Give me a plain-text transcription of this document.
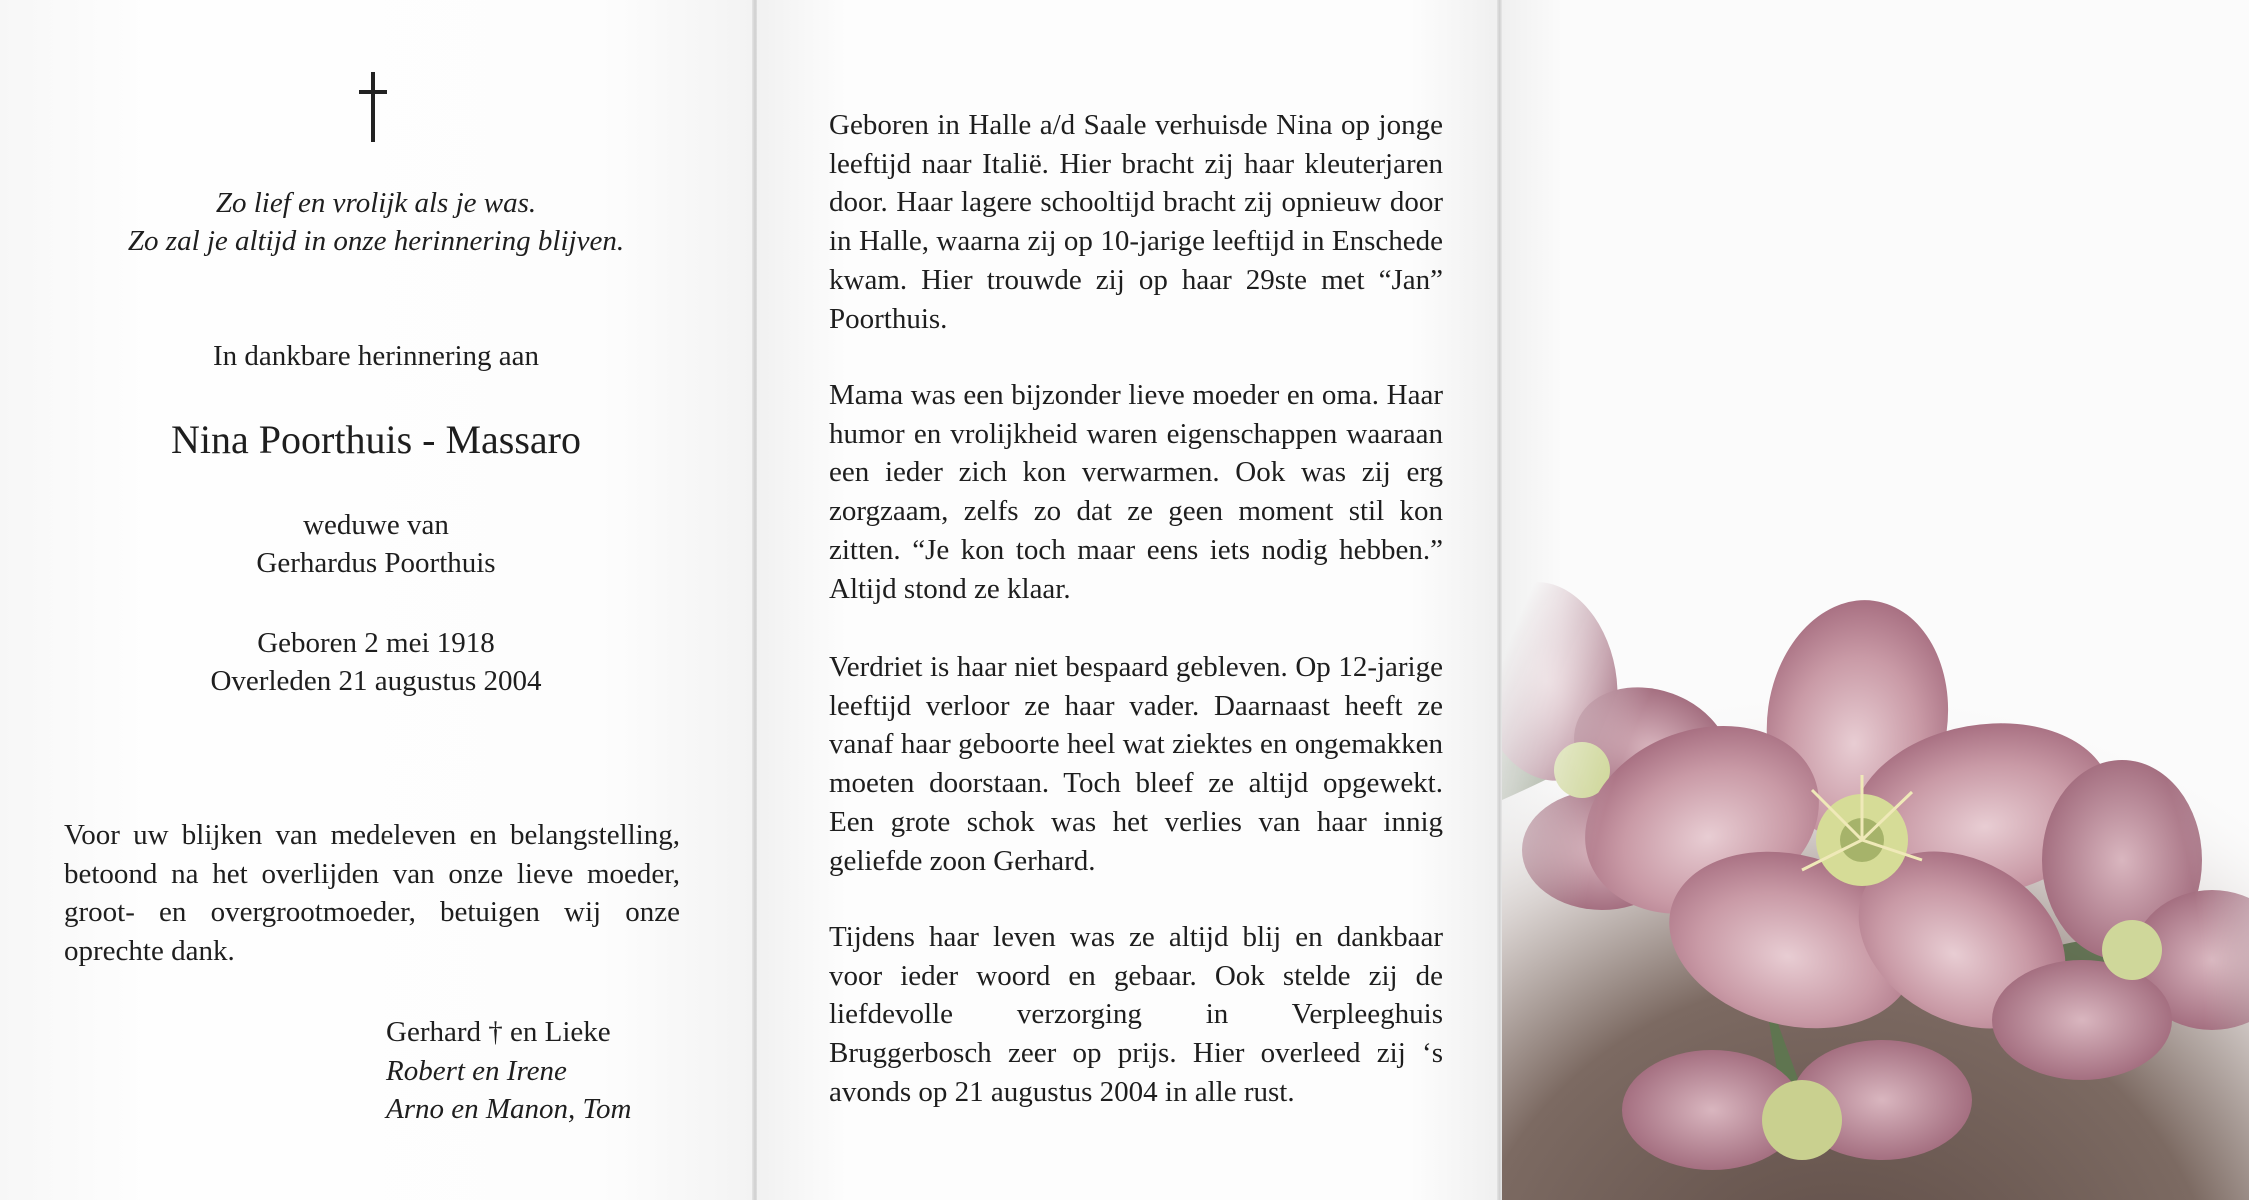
Zo lief en vrolijk als je was.
Zo zal je altijd in onze herinnering blijven.
In dankbare herinnering aan
Nina Poorthuis - Massaro
weduwe van
Gerhardus Poorthuis
Geboren 2 mei 1918
Overleden 21 augustus 2004
Voor uw blijken van medeleven en belangstelling, betoond na het overlijden van onze lieve moeder, groot- en overgrootmoeder, betuigen wij onze oprechte dank.
Gerhard † en Lieke
Robert en Irene
Arno en Manon, Tom
Geboren in Halle a/d Saale verhuisde Nina op jonge leeftijd naar Italië. Hier bracht zij haar kleuterjaren door. Haar lagere schooltijd bracht zij opnieuw door in Halle, waarna zij op 10-jarige leeftijd in Enschede kwam. Hier trouwde zij op haar 29ste met “Jan” Poorthuis.
Mama was een bijzonder lieve moeder en oma. Haar humor en vrolijkheid waren eigenschappen waaraan een ieder zich kon verwarmen. Ook was zij erg zorgzaam, zelfs zo dat ze geen moment stil kon zitten. “Je kon toch maar eens iets nodig hebben.” Altijd stond ze klaar.
Verdriet is haar niet bespaard gebleven. Op 12-jarige leeftijd verloor ze haar vader. Daarnaast heeft ze vanaf haar geboorte heel wat ziektes en ongemakken moeten doorstaan. Toch bleef ze altijd opgewekt. Een grote schok was het verlies van haar innig geliefde zoon Gerhard.
Tijdens haar leven was ze altijd blij en dankbaar voor ieder woord en gebaar. Ook stelde zij de liefdevolle verzorging in Verpleeghuis Bruggerbosch zeer op prijs. Hier overleed zij ‘s avonds op 21 augustus 2004 in alle rust.
